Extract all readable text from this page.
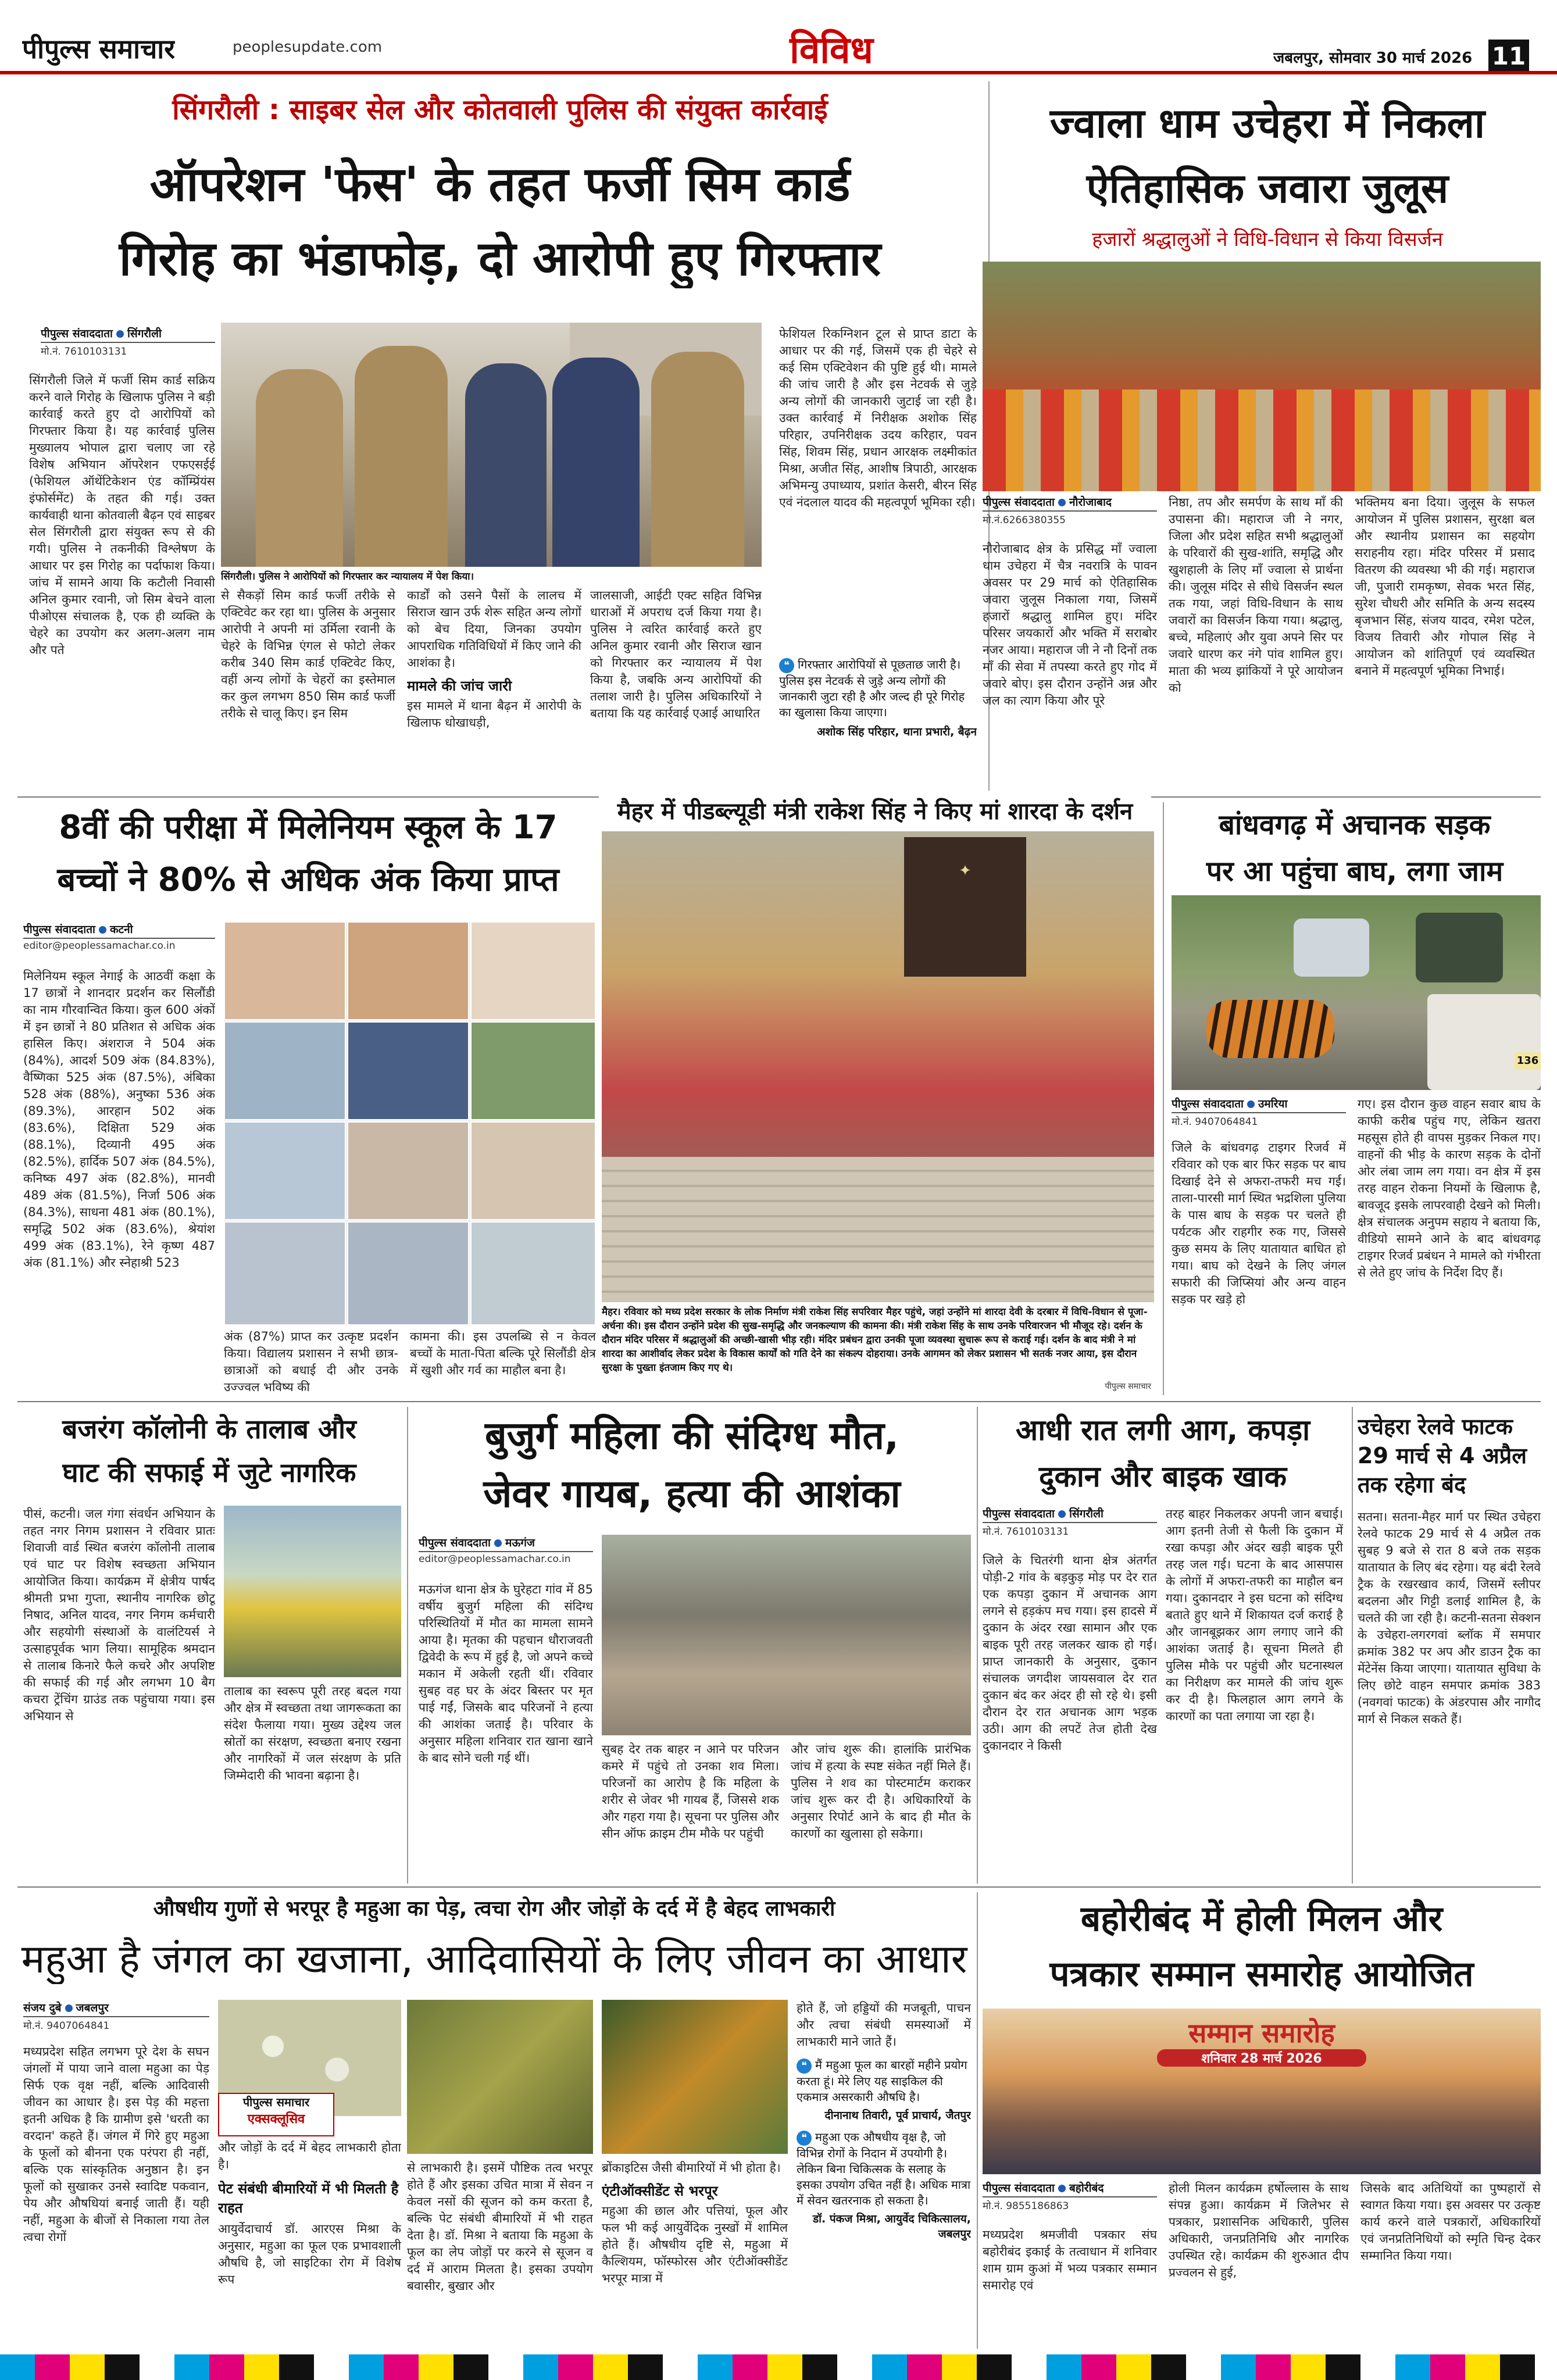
पीपुल्स समाचार	peoplesupdate.com	विविध	जबलपुर, सोमवार 30 मार्च 2026 11
सिंगरौली : साइबर सेल और कोतवाली पुलिस की संयुक्त कार्रवाई
ऑपरेशन 'फेस' के तहत फर्जी सिम कार्ड
गिरोह का भंडाफोड़, दो आरोपी हुए गिरफ्तार
पीपुल्स संवाददाता सिंगरौली
मो.नं. 7610103131
सिंगरौली जिले में फर्जी सिम कार्ड सक्रिय करने वाले गिरोह के खिलाफ पुलिस ने बड़ी कार्रवाई करते हुए दो आरोपियों को गिरफ्तार किया है। यह कार्रवाई पुलिस मुख्यालय भोपाल द्वारा चलाए जा रहे विशेष अभियान ऑपरेशन एफएसईई (फेशियल ऑथेंटिकेशन एंड कॉम्प्रिंयंस इंफोर्समेंट) के तहत की गई। उक्त कार्यवाही थाना कोतवाली बैढ़न एवं साइबर सेल सिंगरौली द्वारा संयुक्त रूप से की गयी। पुलिस ने तकनीकी विश्लेषण के आधार पर इस गिरोह का पर्दाफाश किया। जांच में सामने आया कि कटौली निवासी अनिल कुमार रवानी, जो सिम बेचने वाला पीओएस संचालक है, एक ही व्यक्ति के चेहरे का उपयोग कर अलग-अलग नाम और पते
सिंगरौली। पुलिस ने आरोपियों को गिरफ्तार कर न्यायालय में पेश किया।
से सैकड़ों सिम कार्ड फर्जी तरीके से एक्टिवेट कर रहा था। पुलिस के अनुसार आरोपी ने अपनी मां उर्मिला रवानी के चेहरे के विभिन्न एंगल से फोटो लेकर करीब 340 सिम कार्ड एक्टिवेट किए, वहीं अन्य लोगों के चेहरों का इस्तेमाल कर कुल लगभग 850 सिम कार्ड फर्जी तरीके से चालू किए। इन सिम
कार्डों को उसने पैसों के लालच में सिराज खान उर्फ शेरू सहित अन्य लोगों को बेच दिया, जिनका उपयोग आपराधिक गतिविधियों में किए जाने की आशंका है।
मामले की जांच जारी
इस मामले में थाना बैढ़न में आरोपी के खिलाफ धोखाधड़ी,
जालसाजी, आईटी एक्ट सहित विभिन्न धाराओं में अपराध दर्ज किया गया है। पुलिस ने त्वरित कार्रवाई करते हुए अनिल कुमार रवानी और सिराज खान को गिरफ्तार कर न्यायालय में पेश किया है, जबकि अन्य आरोपियों की तलाश जारी है। पुलिस अधिकारियों ने बताया कि यह कार्रवाई एआई आधारित
फेशियल रिकग्निशन टूल से प्राप्त डाटा के आधार पर की गई, जिसमें एक ही चेहरे से कई सिम एक्टिवेशन की पुष्टि हुई थी। मामले की जांच जारी है और इस नेटवर्क से जुड़े अन्य लोगों की जानकारी जुटाई जा रही है। उक्त कार्रवाई में निरीक्षक अशोक सिंह परिहार, उपनिरीक्षक उदय करिहार, पवन सिंह, शिवम सिंह, प्रधान आरक्षक लक्ष्मीकांत मिश्रा, अजीत सिंह, आशीष त्रिपाठी, आरक्षक अभिमन्यु उपाध्याय, प्रशांत केसरी, बीरन सिंह एवं नंदलाल यादव की महत्वपूर्ण भूमिका रही।
❝ गिरफ्तार आरोपियों से पूछताछ जारी है। पुलिस इस नेटवर्क से जुड़े अन्य लोगों की जानकारी जुटा रही है और जल्द ही पूरे गिरोह का खुलासा किया जाएगा।
अशोक सिंह परिहार, थाना प्रभारी, बैढ़न
ज्वाला धाम उचेहरा में निकला
ऐतिहासिक जवारा जुलूस
हजारों श्रद्धालुओं ने विधि-विधान से किया विसर्जन
पीपुल्स संवाददाता नौरोजाबाद
मो.नं.6266380355
नौरोजाबाद क्षेत्र के प्रसिद्ध माँ ज्वाला धाम उचेहरा में चैत्र नवरात्रि के पावन अवसर पर 29 मार्च को ऐतिहासिक जवारा जुलूस निकाला गया, जिसमें हजारों श्रद्धालु शामिल हुए। मंदिर परिसर जयकारों और भक्ति में सराबोर नजर आया। महाराज जी ने नौ दिनों तक माँ की सेवा में तपस्या करते हुए गोद में जवारे बोए। इस दौरान उन्होंने अन्न और जल का त्याग किया और पूरे
निष्ठा, तप और समर्पण के साथ माँ की उपासना की। महाराज जी ने नगर, जिला और प्रदेश सहित सभी श्रद्धालुओं के परिवारों की सुख-शांति, समृद्धि और खुशहाली के लिए माँ ज्वाला से प्रार्थना की। जुलूस मंदिर से सीधे विसर्जन स्थल तक गया, जहां विधि-विधान के साथ जवारों का विसर्जन किया गया। श्रद्धालु, बच्चे, महिलाएं और युवा अपने सिर पर जवारे धारण कर नंगे पांव शामिल हुए। माता की भव्य झांकियों ने पूरे आयोजन को
भक्तिमय बना दिया। जुलूस के सफल आयोजन में पुलिस प्रशासन, सुरक्षा बल और स्थानीय प्रशासन का सहयोग सराहनीय रहा। मंदिर परिसर में प्रसाद वितरण की व्यवस्था भी की गई। महाराज जी, पुजारी रामकृष्ण, सेवक भरत सिंह, सुरेश चौधरी और समिति के अन्य सदस्य बृजभान सिंह, संजय यादव, रमेश पटेल, विजय तिवारी और गोपाल सिंह ने आयोजन को शांतिपूर्ण एवं व्यवस्थित बनाने में महत्वपूर्ण भूमिका निभाई।
8वीं की परीक्षा में मिलेनियम स्कूल के 17
बच्चों ने 80% से अधिक अंक किया प्राप्त
पीपुल्स संवाददाता कटनी
editor@peoplessamachar.co.in
मिलेनियम स्कूल नेगाई के आठवीं कक्षा के 17 छात्रों ने शानदार प्रदर्शन कर सिलौंडी का नाम गौरवान्वित किया। कुल 600 अंकों में इन छात्रों ने 80 प्रतिशत से अधिक अंक हासिल किए। अंशराज ने 504 अंक (84%), आदर्श 509 अंक (84.83%), वैष्णिका 525 अंक (87.5%), अंबिका 528 अंक (88%), अनुष्का 536 अंक (89.3%), आरहान 502 अंक (83.6%), दिक्षिता 529 अंक (88.1%), दिव्यानी 495 अंक (82.5%), हार्दिक 507 अंक (84.5%), कनिष्क 497 अंक (82.8%), मानवी 489 अंक (81.5%), निर्जा 506 अंक (84.3%), साधना 481 अंक (80.1%), समृद्धि 502 अंक (83.6%), श्रेयांश 499 अंक (83.1%), रेने कृष्ण 487 अंक (81.1%) और स्नेहाश्री 523
अंक (87%) प्राप्त कर उत्कृष्ट प्रदर्शन किया। विद्यालय प्रशासन ने सभी छात्र-छात्राओं को बधाई दी और उनके उज्ज्वल भविष्य की
कामना की। इस उपलब्धि से न केवल बच्चों के माता-पिता बल्कि पूरे सिलौंडी क्षेत्र में खुशी और गर्व का माहौल बना है।
मैहर में पीडब्ल्यूडी मंत्री राकेश सिंह ने किए मां शारदा के दर्शन
✦
मैहर। रविवार को मध्य प्रदेश सरकार के लोक निर्माण मंत्री राकेश सिंह सपरिवार मैहर पहुंचे, जहां उन्होंने मां शारदा देवी के दरबार में विधि-विधान से पूजा-अर्चना की। इस दौरान उन्होंने प्रदेश की सुख-समृद्धि और जनकल्याण की कामना की। मंत्री राकेश सिंह के साथ उनके परिवारजन भी मौजूद रहे। दर्शन के दौरान मंदिर परिसर में श्रद्धालुओं की अच्छी-खासी भीड़ रही। मंदिर प्रबंधन द्वारा उनकी पूजा व्यवस्था सुचारू रूप से कराई गई। दर्शन के बाद मंत्री ने मां शारदा का आशीर्वाद लेकर प्रदेश के विकास कार्यों को गति देने का संकल्प दोहराया। उनके आगमन को लेकर प्रशासन भी सतर्क नजर आया, इस दौरान सुरक्षा के पुख्ता इंतजाम किए गए थे।
पीपुल्स समाचार
बांधवगढ़ में अचानक सड़क
पर आ पहुंचा बाघ, लगा जाम
136
पीपुल्स संवाददाता उमरिया
मो.नं. 9407064841
जिले के बांधवगढ़ टाइगर रिजर्व में रविवार को एक बार फिर सड़क पर बाघ दिखाई देने से अफरा-तफरी मच गई। ताला-पारसी मार्ग स्थित भद्रशिला पुलिया के पास बाघ के सड़क पर चलते ही पर्यटक और राहगीर रुक गए, जिससे कुछ समय के लिए यातायात बाधित हो गया। बाघ को देखने के लिए जंगल सफारी की जिप्सियां और अन्य वाहन सड़क पर खड़े हो
गए। इस दौरान कुछ वाहन सवार बाघ के काफी करीब पहुंच गए, लेकिन खतरा महसूस होते ही वापस मुड़कर निकल गए। वाहनों की भीड़ के कारण सड़क के दोनों ओर लंबा जाम लग गया। वन क्षेत्र में इस तरह वाहन रोकना नियमों के खिलाफ है, बावजूद इसके लापरवाही देखने को मिली। क्षेत्र संचालक अनुपम सहाय ने बताया कि, वीडियो सामने आने के बाद बांधवगढ़ टाइगर रिजर्व प्रबंधन ने मामले को गंभीरता से लेते हुए जांच के निर्देश दिए हैं।
बजरंग कॉलोनी के तालाब और
घाट की सफाई में जुटे नागरिक
पीसं, कटनी। जल गंगा संवर्धन अभियान के तहत नगर निगम प्रशासन ने रविवार प्रातः शिवाजी वार्ड स्थित बजरंग कॉलोनी तालाब एवं घाट पर विशेष स्वच्छता अभियान आयोजित किया। कार्यक्रम में क्षेत्रीय पार्षद श्रीमती प्रभा गुप्ता, स्थानीय नागरिक छोटू निषाद, अनिल यादव, नगर निगम कर्मचारी और सहयोगी संस्थाओं के वालंटियर्स ने उत्साहपूर्वक भाग लिया। सामूहिक श्रमदान से तालाब किनारे फैले कचरे और अपशिष्ट की सफाई की गई और लगभग 10 बैग कचरा ट्रेंचिंग ग्राउंड तक पहुंचाया गया। इस अभियान से
तालाब का स्वरूप पूरी तरह बदल गया और क्षेत्र में स्वच्छता तथा जागरूकता का संदेश फैलाया गया। मुख्य उद्देश्य जल स्रोतों का संरक्षण, स्वच्छता बनाए रखना और नागरिकों में जल संरक्षण के प्रति जिम्मेदारी की भावना बढ़ाना है।
बुजुर्ग महिला की संदिग्ध मौत,
जेवर गायब, हत्या की आशंका
पीपुल्स संवाददाता मऊगंज
editor@peoplessamachar.co.in
मऊगंज थाना क्षेत्र के घुरेहटा गांव में 85 वर्षीय बुजुर्ग महिला की संदिग्ध परिस्थितियों में मौत का मामला सामने आया है। मृतका की पहचान धौराजवती द्विवेदी के रूप में हुई है, जो अपने कच्चे मकान में अकेली रहती थीं। रविवार सुबह वह घर के अंदर बिस्तर पर मृत पाई गईं, जिसके बाद परिजनों ने हत्या की आशंका जताई है। परिवार के अनुसार महिला शनिवार रात खाना खाने के बाद सोने चली गई थीं।
सुबह देर तक बाहर न आने पर परिजन कमरे में पहुंचे तो उनका शव मिला। परिजनों का आरोप है कि महिला के शरीर से जेवर भी गायब हैं, जिससे शक और गहरा गया है। सूचना पर पुलिस और सीन ऑफ क्राइम टीम मौके पर पहुंची
और जांच शुरू की। हालांकि प्रारंभिक जांच में हत्या के स्पष्ट संकेत नहीं मिले हैं। पुलिस ने शव का पोस्टमार्टम कराकर जांच शुरू कर दी है। अधिकारियों के अनुसार रिपोर्ट आने के बाद ही मौत के कारणों का खुलासा हो सकेगा।
आधी रात लगी आग, कपड़ा
दुकान और बाइक खाक
पीपुल्स संवाददाता सिंगरौली
मो.नं. 7610103131
जिले के चितरंगी थाना क्षेत्र अंतर्गत पोड़ी-2 गांव के बड़कुड़ मोड़ पर देर रात एक कपड़ा दुकान में अचानक आग लगने से हड़कंप मच गया। इस हादसे में दुकान के अंदर रखा सामान और एक बाइक पूरी तरह जलकर खाक हो गई। प्राप्त जानकारी के अनुसार, दुकान संचालक जगदीश जायसवाल देर रात दुकान बंद कर अंदर ही सो रहे थे। इसी दौरान देर रात अचानक आग भड़क उठी। आग की लपटें तेज होती देख दुकानदार ने किसी
तरह बाहर निकलकर अपनी जान बचाई। आग इतनी तेजी से फैली कि दुकान में रखा कपड़ा और अंदर खड़ी बाइक पूरी तरह जल गई। घटना के बाद आसपास के लोगों में अफरा-तफरी का माहौल बन गया। दुकानदार ने इस घटना को संदिग्ध बताते हुए थाने में शिकायत दर्ज कराई है और जानबूझकर आग लगाए जाने की आशंका जताई है। सूचना मिलते ही पुलिस मौके पर पहुंची और घटनास्थल का निरीक्षण कर मामले की जांच शुरू कर दी है। फिलहाल आग लगने के कारणों का पता लगाया जा रहा है।
उचेहरा रेलवे फाटक
29 मार्च से 4 अप्रैल
तक रहेगा बंद
सतना। सतना-मैहर मार्ग पर स्थित उचेहरा रेलवे फाटक 29 मार्च से 4 अप्रैल तक सुबह 9 बजे से रात 8 बजे तक सड़क यातायात के लिए बंद रहेगा। यह बंदी रेलवे ट्रैक के रखरखाव कार्य, जिसमें स्लीपर बदलना और गिट्टी डलाई शामिल है, के चलते की जा रही है। कटनी-सतना सेक्शन के उचेहरा-लगरगवां ब्लॉक में समपार क्रमांक 382 पर अप और डाउन ट्रैक का मेंटेनेंस किया जाएगा। यातायात सुविधा के लिए छोटे वाहन समपार क्रमांक 383 (नवगवां फाटक) के अंडरपास और नागौद मार्ग से निकल सकते हैं।
औषधीय गुणों से भरपूर है महुआ का पेड़, त्वचा रोग और जोड़ों के दर्द में है बेहद लाभकारी
महुआ है जंगल का खजाना, आदिवासियों के लिए जीवन का आधार
संजय दुबे जबलपुर
मो.नं. 9407064841
मध्यप्रदेश सहित लगभग पूरे देश के सघन जंगलों में पाया जाने वाला महुआ का पेड़ सिर्फ एक वृक्ष नहीं, बल्कि आदिवासी जीवन का आधार है। इस पेड़ की महत्ता इतनी अधिक है कि ग्रामीण इसे 'धरती का वरदान' कहते हैं। जंगल में गिरे हुए महुआ के फूलों को बीनना एक परंपरा ही नहीं, बल्कि एक सांस्कृतिक अनुष्ठान है। इन फूलों को सुखाकर उनसे स्वादिष्ट पकवान, पेय और औषधियां बनाई जाती हैं। यही नहीं, महुआ के बीजों से निकाला गया तेल त्वचा रोगों
पीपुल्स समाचार
एक्सक्लूसिव
और जोड़ों के दर्द में बेहद लाभकारी होता है।
पेट संबंधी बीमारियों में भी मिलती है राहत
आयुर्वेदाचार्य डॉ. आरएस मिश्रा के अनुसार, महुआ का फूल एक प्रभावशाली औषधि है, जो साइटिका रोग में विशेष रूप
से लाभकारी है। इसमें पौष्टिक तत्व भरपूर होते हैं और इसका उचित मात्रा में सेवन न केवल नसों की सूजन को कम करता है, बल्कि पेट संबंधी बीमारियों में भी राहत देता है। डॉ. मिश्रा ने बताया कि महुआ के फूल का लेप जोड़ों पर करने से सूजन व दर्द में आराम मिलता है। इसका उपयोग बवासीर, बुखार और
ब्रोंकाइटिस जैसी बीमारियों में भी होता है।
एंटीऑक्सीडेंट से भरपूर
महुआ की छाल और पत्तियां, फूल और फल भी कई आयुर्वेदिक नुस्खों में शामिल होते हैं। औषधीय दृष्टि से, महुआ में कैल्शियम, फॉस्फोरस और एंटीऑक्सीडेंट भरपूर मात्रा में
होते हैं, जो हड्डियों की मजबूती, पाचन और त्वचा संबंधी समस्याओं में लाभकारी माने जाते हैं।
❝ मैं महुआ फूल का बारहों महीने प्रयोग करता हूं। मेरे लिए यह साइकिल की एकमात्र असरकारी औषधि है।
दीनानाथ तिवारी, पूर्व प्राचार्य, जैतपुर
❝ महुआ एक औषधीय वृक्ष है, जो विभिन्न रोगों के निदान में उपयोगी है। लेकिन बिना चिकित्सक के सलाह के इसका उपयोग उचित नहीं है। अधिक मात्रा में सेवन खतरनाक हो सकता है।
डॉ. पंकज मिश्रा, आयुर्वेद चिकित्सालय, जबलपुर
बहोरीबंद में होली मिलन और
पत्रकार सम्मान समारोह आयोजित
सम्मान समारोह
शनिवार 28 मार्च 2026
पीपुल्स संवाददाता बहोरीबंद
मो.नं. 9855186863
मध्यप्रदेश श्रमजीवी पत्रकार संघ बहोरीबंद इकाई के तत्वाधान में शनिवार शाम ग्राम कुआं में भव्य पत्रकार सम्मान समारोह एवं
होली मिलन कार्यक्रम हर्षोल्लास के साथ संपन्न हुआ। कार्यक्रम में जिलेभर से पत्रकार, प्रशासनिक अधिकारी, पुलिस अधिकारी, जनप्रतिनिधि और नागरिक उपस्थित रहे। कार्यक्रम की शुरुआत दीप प्रज्वलन से हुई,
जिसके बाद अतिथियों का पुष्पहारों से स्वागत किया गया। इस अवसर पर उत्कृष्ट कार्य करने वाले पत्रकारों, अधिकारियों एवं जनप्रतिनिधियों को स्मृति चिन्ह देकर सम्मानित किया गया।
